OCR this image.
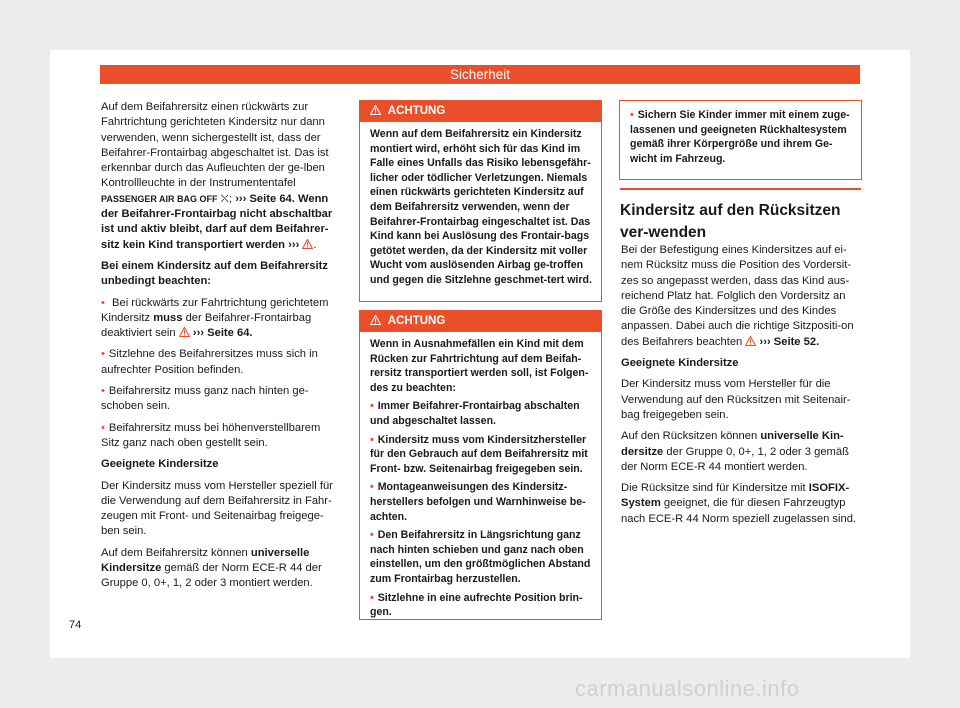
Sicherheit

Auf dem Beifahrersitz einen rückwärts zur Fahrtrichtung gerichteten Kindersitz nur dann verwenden, wenn sichergestellt ist, dass der Beifahrer-Frontairbag abgeschaltet ist. Das ist erkennbar durch das Aufleuchten der ge-lben Kontrollleuchte in der Instrumententafel PASSENGER AIR BAG OFF ⛌; ››› Seite 64. Wenn der Beifahrer-Frontairbag nicht abschaltbar ist und aktiv bleibt, darf auf dem Beifahrer-sitz kein Kind transportiert werden ››› .

Bei einem Kindersitz auf dem Beifahrersitz unbedingt beachten:

• Bei rückwärts zur Fahrtrichtung gerichtetem Kindersitz muss der Beifahrer-Frontairbag deaktiviert sein ››› Seite 64.

• Sitzlehne des Beifahrersitzes muss sich in aufrechter Position befinden.

• Beifahrersitz muss ganz nach hinten ge-schoben sein.

• Beifahrersitz muss bei höhenverstellbarem Sitz ganz nach oben gestellt sein.

Geeignete Kindersitze

Der Kindersitz muss vom Hersteller speziell für die Verwendung auf dem Beifahrersitz in Fahr-zeugen mit Front- und Seitenairbag freigege-ben sein.

Auf dem Beifahrersitz können universelle Kindersitze gemäß der Norm ECE-R 44 der Gruppe 0, 0+, 1, 2 oder 3 montiert werden.

ACHTUNG

Wenn auf dem Beifahrersitz ein Kindersitz montiert wird, erhöht sich für das Kind im Falle eines Unfalls das Risiko lebensgefähr-licher oder tödlicher Verletzungen. Niemals einen rückwärts gerichteten Kindersitz auf dem Beifahrersitz verwenden, wenn der Beifahrer-Frontairbag eingeschaltet ist. Das Kind kann bei Auslösung des Frontair-bags getötet werden, da der Kindersitz mit voller Wucht vom auslösenden Airbag ge-troffen und gegen die Sitzlehne geschmet-tert wird.

ACHTUNG

Wenn in Ausnahmefällen ein Kind mit dem Rücken zur Fahrtrichtung auf dem Beifah-rersitz transportiert werden soll, ist Folgen-des zu beachten:

• Immer Beifahrer-Frontairbag abschalten und abgeschaltet lassen.

• Kindersitz muss vom Kindersitzhersteller für den Gebrauch auf dem Beifahrersitz mit Front- bzw. Seitenairbag freigegeben sein.

• Montageanweisungen des Kindersitz-herstellers befolgen und Warnhinweise be-achten.

• Den Beifahrersitz in Längsrichtung ganz nach hinten schieben und ganz nach oben einstellen, um den größtmöglichen Abstand zum Frontairbag herzustellen.

• Sitzlehne in eine aufrechte Position brin-gen.

• Sichern Sie Kinder immer mit einem zuge-lassenen und geeigneten Rückhaltesystem gemäß ihrer Körpergröße und ihrem Ge-wicht im Fahrzeug.

Kindersitz auf den Rücksitzen ver-wenden

Bei der Befestigung eines Kindersitzes auf ei-nem Rücksitz muss die Position des Vordersit-zes so angepasst werden, dass das Kind aus-reichend Platz hat. Folglich den Vordersitz an die Größe des Kindersitzes und des Kindes anpassen. Dabei auch die richtige Sitzpositi-on des Beifahrers beachten ››› Seite 52.

Geeignete Kindersitze

Der Kindersitz muss vom Hersteller für die Verwendung auf den Rücksitzen mit Seitenair-bag freigegeben sein.

Auf den Rücksitzen können universelle Kin-dersitze der Gruppe 0, 0+, 1, 2 oder 3 gemäß der Norm ECE-R 44 montiert werden.

Die Rücksitze sind für Kindersitze mit ISOFIX-System geeignet, die für diesen Fahrzeugtyp nach ECE-R 44 Norm speziell zugelassen sind.

74
carmanualsonline.info
